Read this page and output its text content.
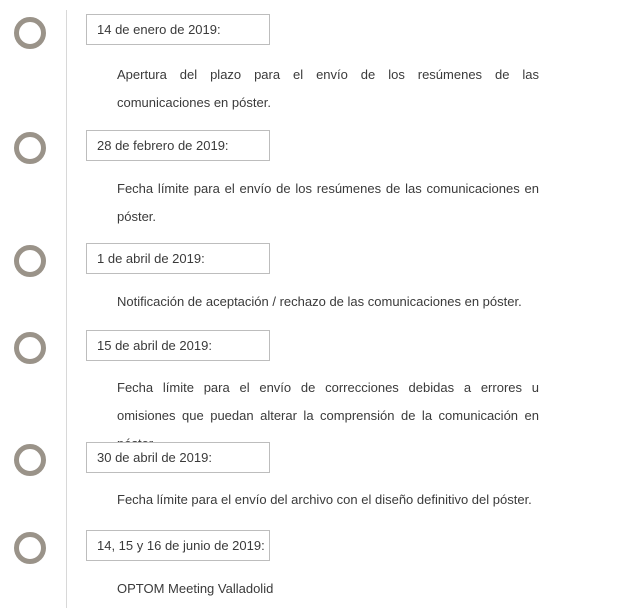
14 de enero de 2019:
Apertura del plazo para el envío de los resúmenes de las comunicaciones en póster.
28 de febrero de 2019:
Fecha límite para el envío de los resúmenes de las comunicaciones en póster.
1 de abril de 2019:
Notificación de aceptación / rechazo de las comunicaciones en póster.
15 de abril de 2019:
Fecha límite para el envío de correcciones debidas a errores u omisiones que puedan alterar la comprensión de la comunicación en
30 de abril de 2019:
Fecha límite para el envío del archivo con el diseño definitivo del póster.
14, 15 y 16 de junio de 2019:
OPTOM Meeting Valladolid
